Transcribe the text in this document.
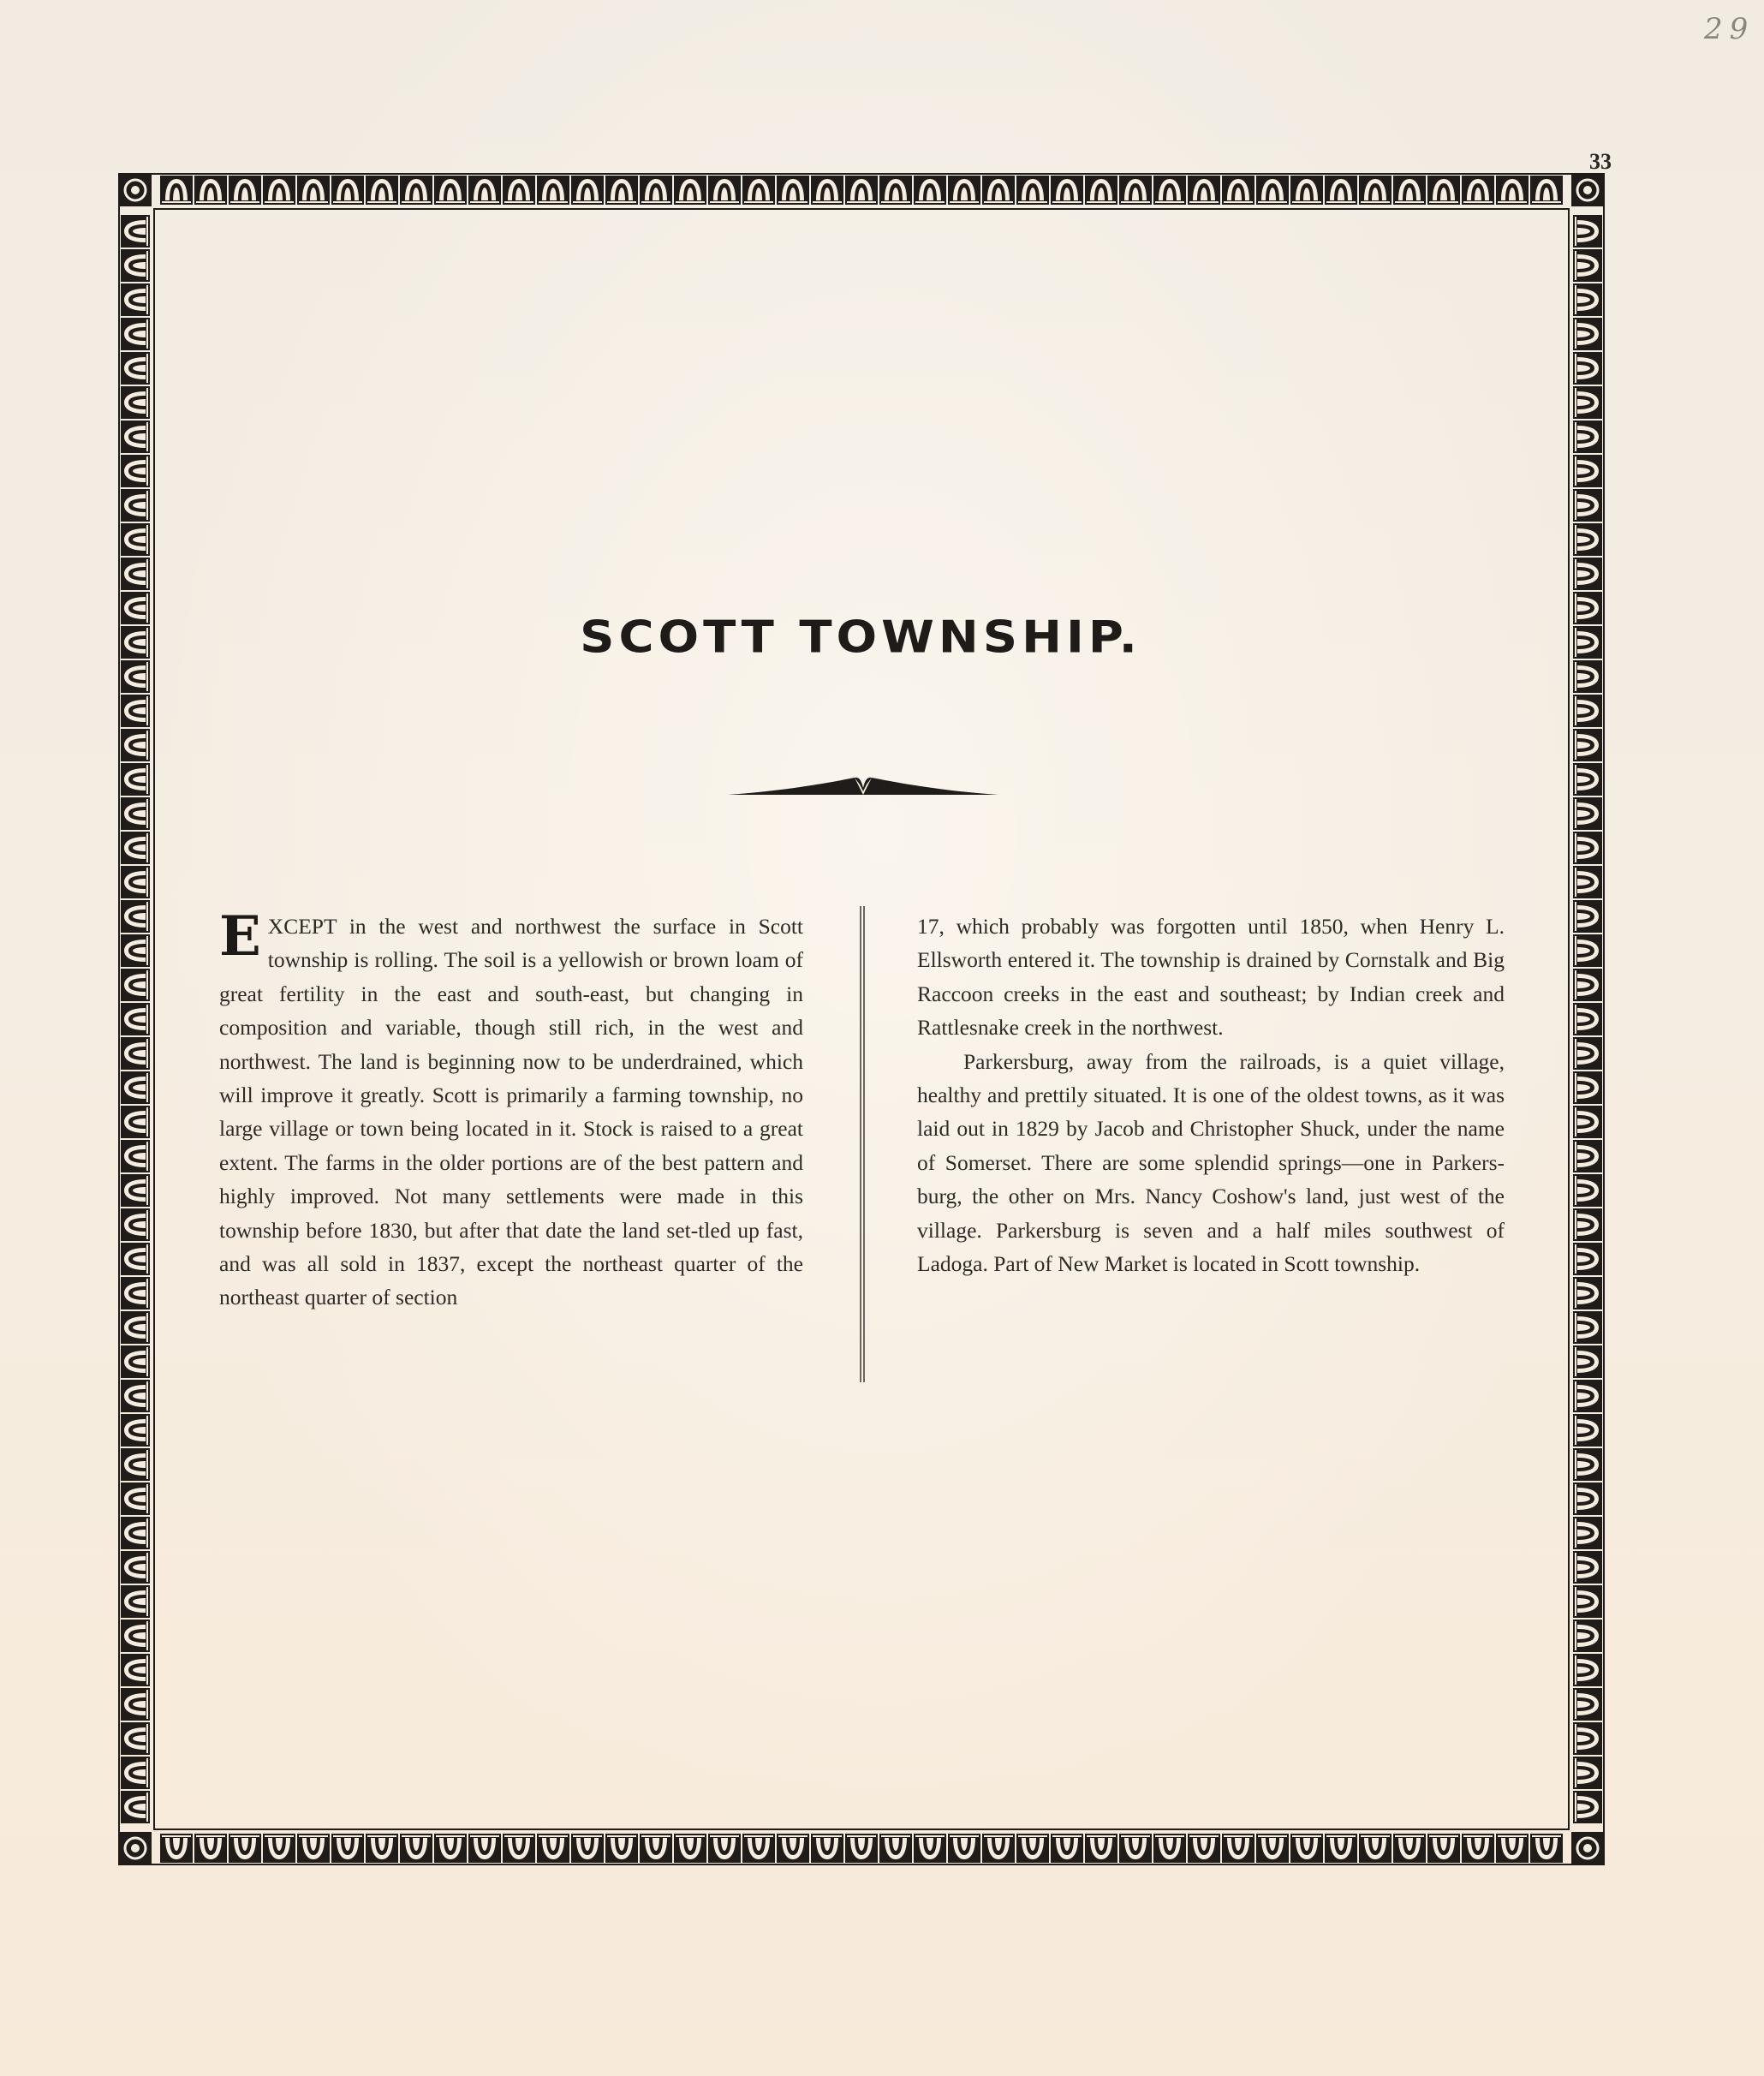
29
33
SCOTT TOWNSHIP.

EXCEPT in the west and northwest the surface in Scott township is rolling. The soil is a yellowish or brown loam of great fertility in the east and south-east, but changing in composition and variable, though still rich, in the west and northwest. The land is beginning now to be underdrained, which will improve it greatly. Scott is primarily a farming township, no large village or town being located in it. Stock is raised to a great extent. The farms in the older portions are of the best pattern and highly improved. Not many settlements were made in this township before 1830, but after that date the land set-tled up fast, and was all sold in 1837, except the northeast quarter of the northeast quarter of section

17, which probably was forgotten until 1850, when Henry L. Ellsworth entered it. The township is drained by Cornstalk and Big Raccoon creeks in the east and southeast; by Indian creek and Rattlesnake creek in the northwest.

Parkersburg, away from the railroads, is a quiet village, healthy and prettily situated. It is one of the oldest towns, as it was laid out in 1829 by Jacob and Christopher Shuck, under the name of Somerset. There are some splendid springs—one in Parkers-burg, the other on Mrs. Nancy Coshow's land, just west of the village. Parkersburg is seven and a half miles southwest of Ladoga. Part of New Market is located in Scott township.
